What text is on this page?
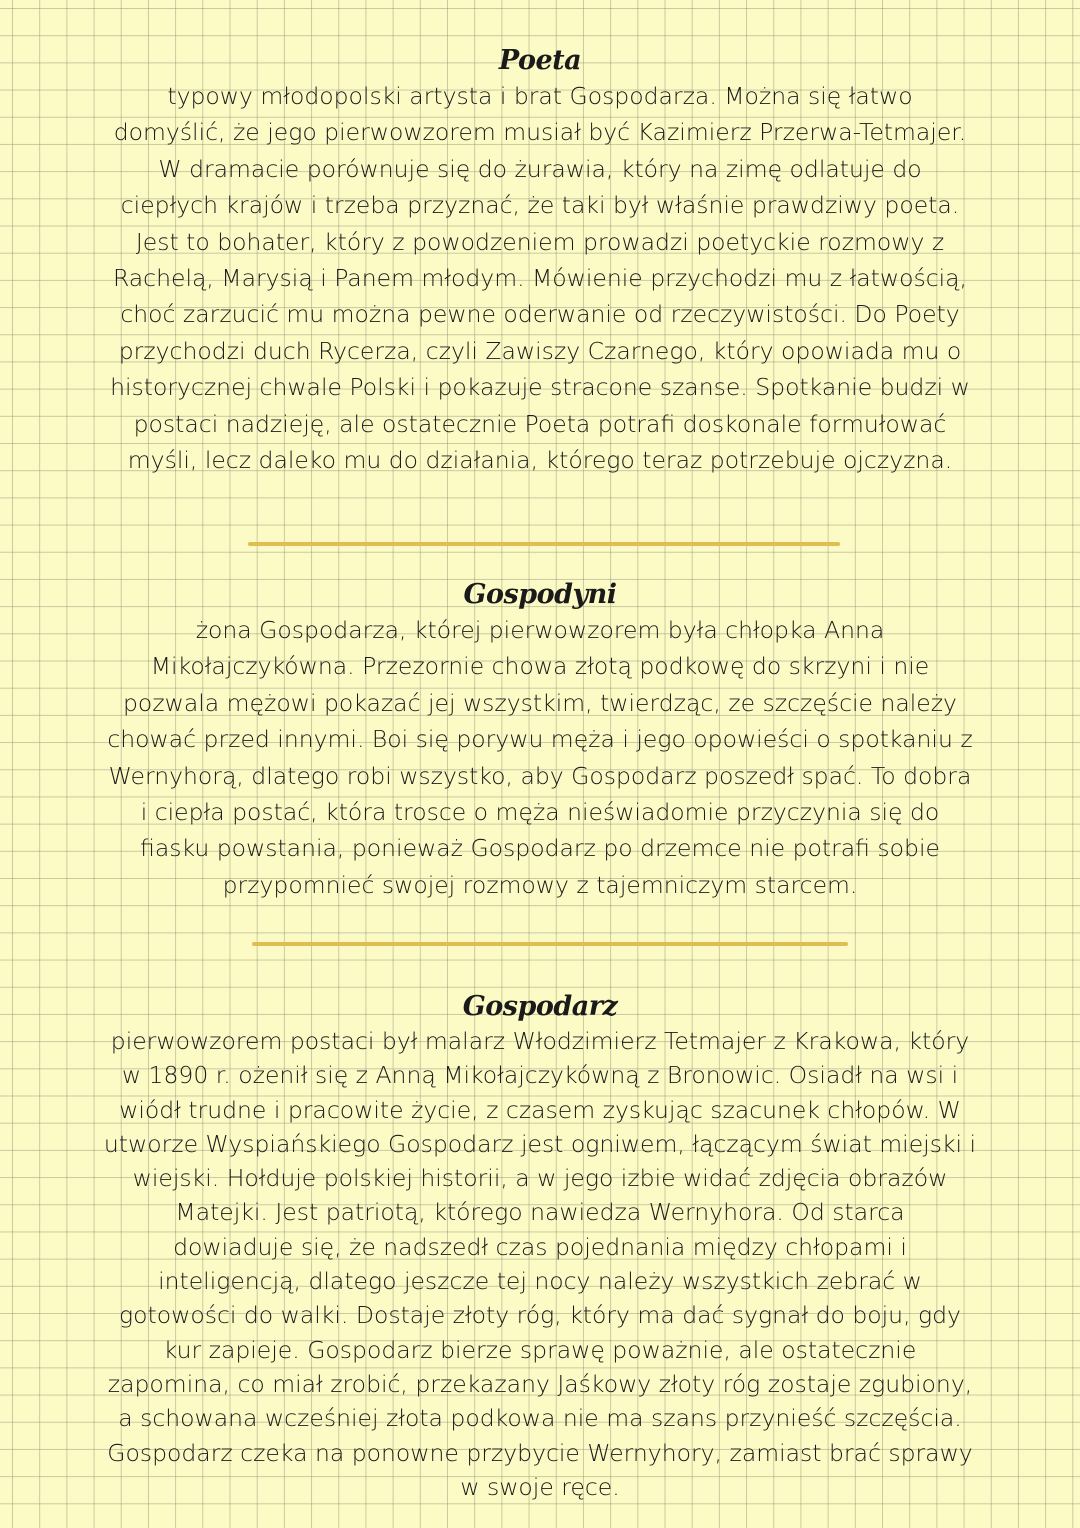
Poeta
typowy młodopolski artysta i brat Gospodarza. Można się łatwo
domyślić, że jego pierwowzorem musiał być Kazimierz Przerwa-Tetmajer.
W dramacie porównuje się do żurawia, który na zimę odlatuje do
ciepłych krajów i trzeba przyznać, że taki był właśnie prawdziwy poeta.
Jest to bohater, który z powodzeniem prowadzi poetyckie rozmowy z
Rachelą, Marysią i Panem młodym. Mówienie przychodzi mu z łatwością,
choć zarzucić mu można pewne oderwanie od rzeczywistości. Do Poety
przychodzi duch Rycerza, czyli Zawiszy Czarnego, który opowiada mu o
historycznej chwale Polski i pokazuje stracone szanse. Spotkanie budzi w
postaci nadzieję, ale ostatecznie Poeta potrafi doskonale formułować
myśli, lecz daleko mu do działania, którego teraz potrzebuje ojczyzna.
Gospodyni
żona Gospodarza, której pierwowzorem była chłopka Anna
Mikołajczykówna. Przezornie chowa złotą podkowę do skrzyni i nie
pozwala mężowi pokazać jej wszystkim, twierdząc, ze szczęście należy
chować przed innymi. Boi się porywu męża i jego opowieści o spotkaniu z
Wernyhorą, dlatego robi wszystko, aby Gospodarz poszedł spać. To dobra
i ciepła postać, która trosce o męża nieświadomie przyczynia się do
fiasku powstania, ponieważ Gospodarz po drzemce nie potrafi sobie
przypomnieć swojej rozmowy z tajemniczym starcem.
Gospodarz
pierwowzorem postaci był malarz Włodzimierz Tetmajer z Krakowa, który
w 1890 r. ożenił się z Anną Mikołajczykówną z Bronowic. Osiadł na wsi i
wiódł trudne i pracowite życie, z czasem zyskując szacunek chłopów. W
utworze Wyspiańskiego Gospodarz jest ogniwem, łączącym świat miejski i
wiejski. Hołduje polskiej historii, a w jego izbie widać zdjęcia obrazów
Matejki. Jest patriotą, którego nawiedza Wernyhora. Od starca
dowiaduje się, że nadszedł czas pojednania między chłopami i
inteligencją, dlatego jeszcze tej nocy należy wszystkich zebrać w
gotowości do walki. Dostaje złoty róg, który ma dać sygnał do boju, gdy
kur zapieje. Gospodarz bierze sprawę poważnie, ale ostatecznie
zapomina, co miał zrobić, przekazany Jaśkowy złoty róg zostaje zgubiony,
a schowana wcześniej złota podkowa nie ma szans przynieść szczęścia.
Gospodarz czeka na ponowne przybycie Wernyhory, zamiast brać sprawy
w swoje ręce.
